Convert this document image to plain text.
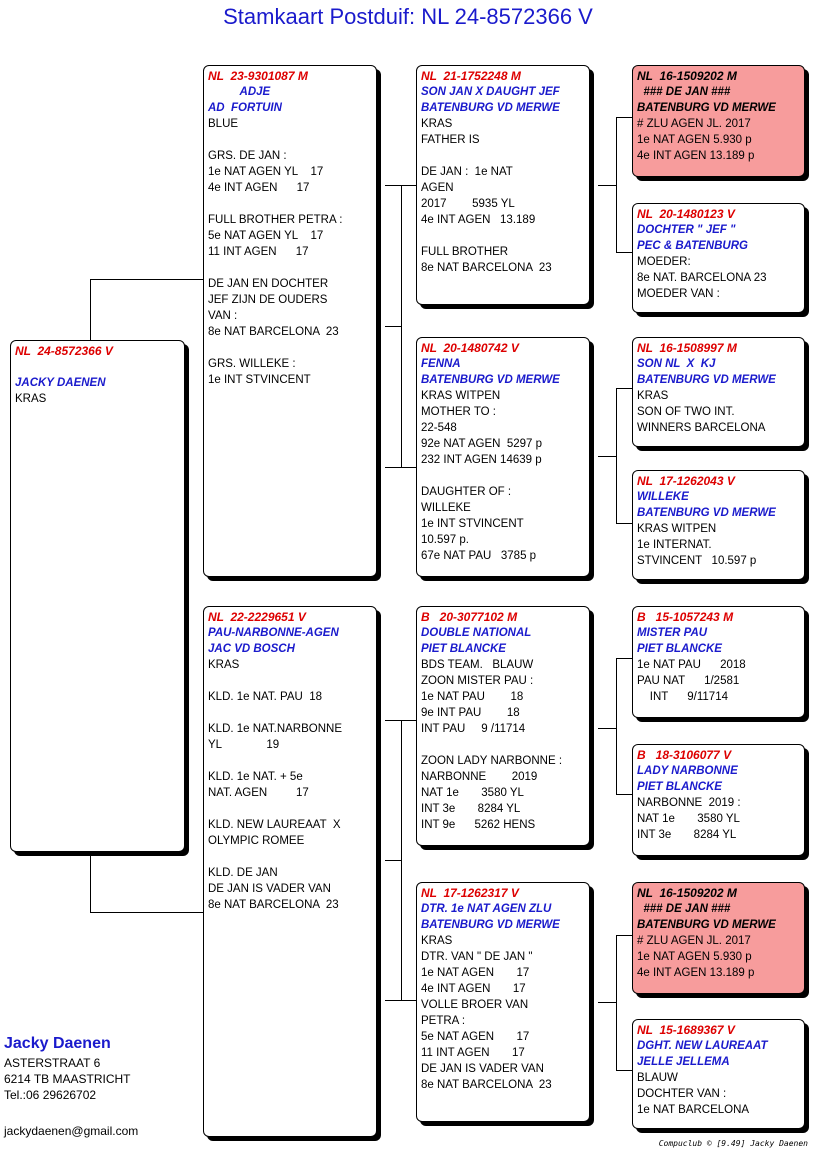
Stamkaart Postduif: NL 24-8572366 V
NL  24-8572366 V

JACKY DAENEN
KRAS
NL  23-9301087 M
ADJE
AD  FORTUIN
BLUE

GRS. DE JAN :
1e NAT AGEN YL    17
4e INT AGEN      17

FULL BROTHER PETRA :
5e NAT AGEN YL    17
11 INT AGEN      17

DE JAN EN DOCHTER
JEF ZIJN DE OUDERS
VAN :
8e NAT BARCELONA  23

GRS. WILLEKE :
1e INT STVINCENT
NL  22-2229651 V
PAU-NARBONNE-AGEN
JAC VD BOSCH
KRAS

KLD. 1e NAT. PAU  18

KLD. 1e NAT.NARBONNE
YL              19

KLD. 1e NAT. + 5e
NAT. AGEN         17

KLD. NEW LAUREAAT  X
OLYMPIC ROMEE

KLD. DE JAN
DE JAN IS VADER VAN
8e NAT BARCELONA  23
NL  21-1752248 M
SON JAN X DAUGHT JEF
BATENBURG VD MERWE
KRAS
FATHER IS

DE JAN :  1e NAT
AGEN
2017        5935 YL
4e INT AGEN   13.189

FULL BROTHER
8e NAT BARCELONA  23
NL  20-1480742 V
FENNA
BATENBURG VD MERWE
KRAS WITPEN
MOTHER TO :
22-548
92e NAT AGEN  5297 p
232 INT AGEN 14639 p

DAUGHTER OF :
WILLEKE
1e INT STVINCENT
10.597 p.
67e NAT PAU   3785 p
B   20-3077102 M
DOUBLE NATIONAL
PIET BLANCKE
BDS TEAM.   BLAUW
ZOON MISTER PAU :
1e NAT PAU        18
9e INT PAU        18
INT PAU     9 /11714

ZOON LADY NARBONNE :
NARBONNE        2019
NAT 1e       3580 YL
INT 3e       8284 YL
INT 9e      5262 HENS
NL  17-1262317 V
DTR. 1e NAT AGEN ZLU
BATENBURG VD MERWE
KRAS
DTR. VAN " DE JAN "
1e NAT AGEN       17
4e INT AGEN       17
VOLLE BROER VAN
PETRA :
5e NAT AGEN       17
11 INT AGEN       17
DE JAN IS VADER VAN
8e NAT BARCELONA  23
NL  16-1509202 M
### DE JAN ###
BATENBURG VD MERWE
# ZLU AGEN JL. 2017
1e NAT AGEN 5.930 p
4e INT AGEN 13.189 p
NL  20-1480123 V
DOCHTER " JEF "
PEC & BATENBURG
MOEDER:
8e NAT. BARCELONA 23
MOEDER VAN :
NL  16-1508997 M
SON NL  X  KJ
BATENBURG VD MERWE
KRAS
SON OF TWO INT.
WINNERS BARCELONA
NL  17-1262043 V
WILLEKE
BATENBURG VD MERWE
KRAS WITPEN
1e INTERNAT.
STVINCENT   10.597 p
B   15-1057243 M
MISTER PAU
PIET BLANCKE
1e NAT PAU      2018
PAU NAT      1/2581
INT      9/11714
B   18-3106077 V
LADY NARBONNE
PIET BLANCKE
NARBONNE  2019 :
NAT 1e       3580 YL
INT 3e       8284 YL
NL  16-1509202 M
### DE JAN ###
BATENBURG VD MERWE
# ZLU AGEN JL. 2017
1e NAT AGEN 5.930 p
4e INT AGEN 13.189 p
NL  15-1689367 V
DGHT. NEW LAUREAAT
JELLE JELLEMA
BLAUW
DOCHTER VAN :
1e NAT BARCELONA
Jacky Daenen
ASTERSTRAAT 6
6214 TB MAASTRICHT
Tel.:06 29626702
jackydaenen@gmail.com
Compuclub © [9.49] Jacky Daenen
